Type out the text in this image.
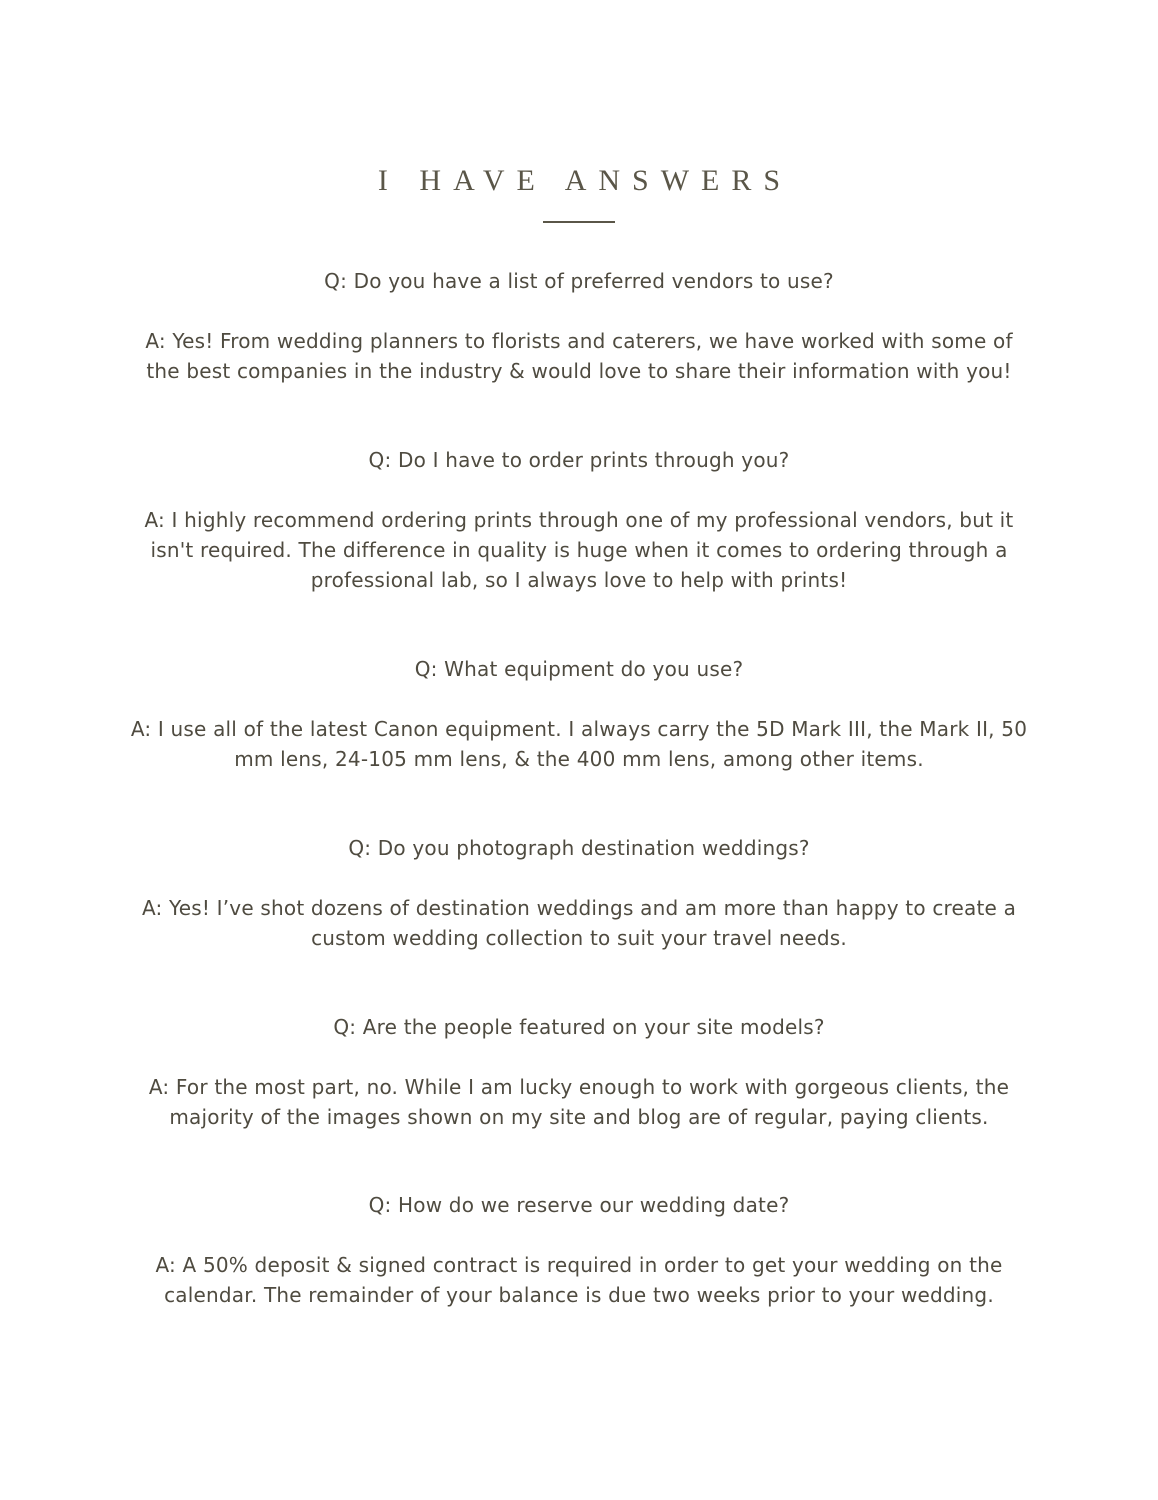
I HAVE ANSWERS

Q: Do you have a list of preferred vendors to use?

A: Yes! From wedding planners to florists and caterers, we have worked with some of the best companies in the industry & would love to share their information with you!

Q: Do I have to order prints through you?

A: I highly recommend ordering prints through one of my professional vendors, but it isn't required. The difference in quality is huge when it comes to ordering through a professional lab, so I always love to help with prints!

Q: What equipment do you use?

A: I use all of the latest Canon equipment. I always carry the 5D Mark III, the Mark II, 50 mm lens, 24-105 mm lens, & the 400 mm lens, among other items.

Q: Do you photograph destination weddings?

A: Yes! I’ve shot dozens of destination weddings and am more than happy to create a custom wedding collection to suit your travel needs.

Q: Are the people featured on your site models?

A: For the most part, no. While I am lucky enough to work with gorgeous clients, the majority of the images shown on my site and blog are of regular, paying clients.

Q: How do we reserve our wedding date?

A: A 50% deposit & signed contract is required in order to get your wedding on the calendar. The remainder of your balance is due two weeks prior to your wedding.
